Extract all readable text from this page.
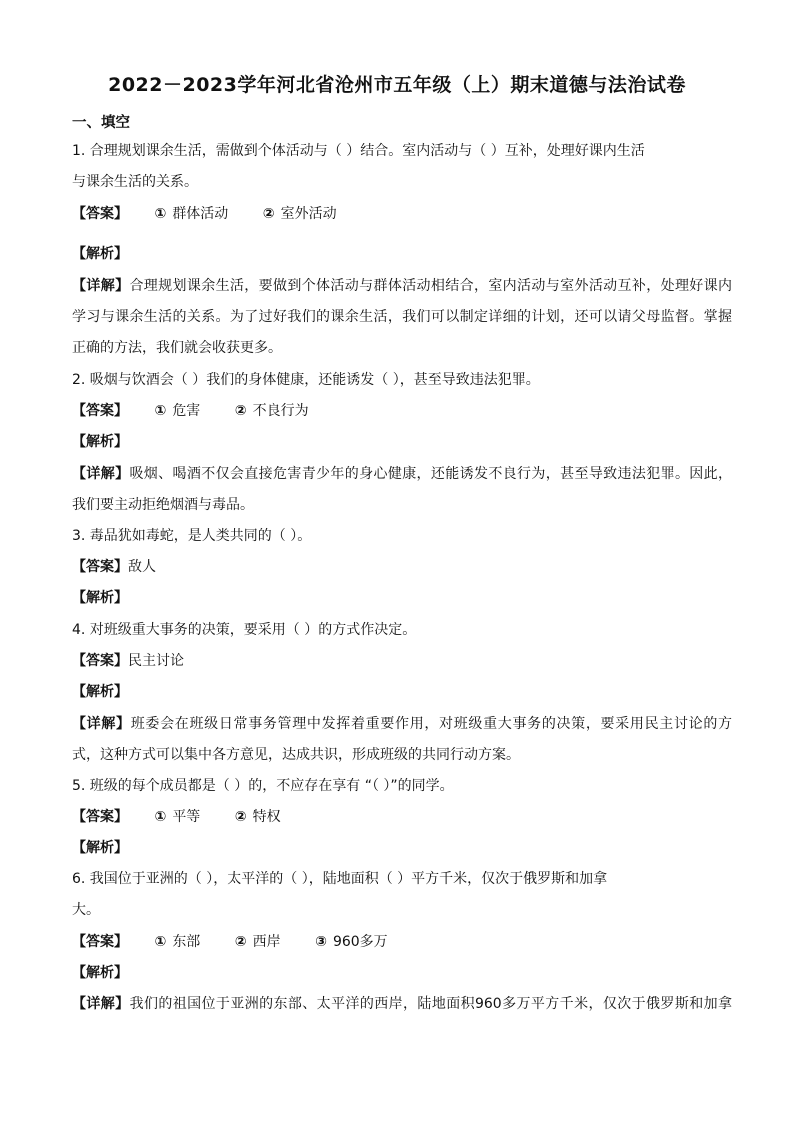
2022－2023学年河北省沧州市五年级（上）期末道德与法治试卷
一、填空
1. 合理规划课余生活，需做到个体活动与（ ）结合。室内活动与（ ）互补，处理好课内生活
与课余生活的关系。
【答案】 ① 群体活动 ② 室外活动
【解析】
【详解】合理规划课余生活，要做到个体活动与群体活动相结合，室内活动与室外活动互补，处理好课内
学习与课余生活的关系。为了过好我们的课余生活，我们可以制定详细的计划，还可以请父母监督。掌握
正确的方法，我们就会收获更多。
2. 吸烟与饮酒会（ ）我们的身体健康，还能诱发（ ），甚至导致违法犯罪。
【答案】 ① 危害 ② 不良行为
【解析】
【详解】吸烟、喝酒不仅会直接危害青少年的身心健康，还能诱发不良行为，甚至导致违法犯罪。因此，
我们要主动拒绝烟酒与毒品。
3. 毒品犹如毒蛇，是人类共同的（ ）。
【答案】敌人
【解析】
4. 对班级重大事务的决策，要采用（ ）的方式作决定。
【答案】民主讨论
【解析】
【详解】班委会在班级日常事务管理中发挥着重要作用，对班级重大事务的决策，要采用民主讨论的方
式，这种方式可以集中各方意见，达成共识，形成班级的共同行动方案。
5. 班级的每个成员都是（ ）的，不应存在享有 “（ ）”的同学。
【答案】 ① 平等 ② 特权
【解析】
6. 我国位于亚洲的（ ），太平洋的（ ），陆地面积（ ）平方千米，仅次于俄罗斯和加拿
大。
【答案】 ① 东部 ② 西岸 ③ 960多万
【解析】
【详解】我们的祖国位于亚洲的东部、太平洋的西岸，陆地面积960多万平方千米，仅次于俄罗斯和加拿
